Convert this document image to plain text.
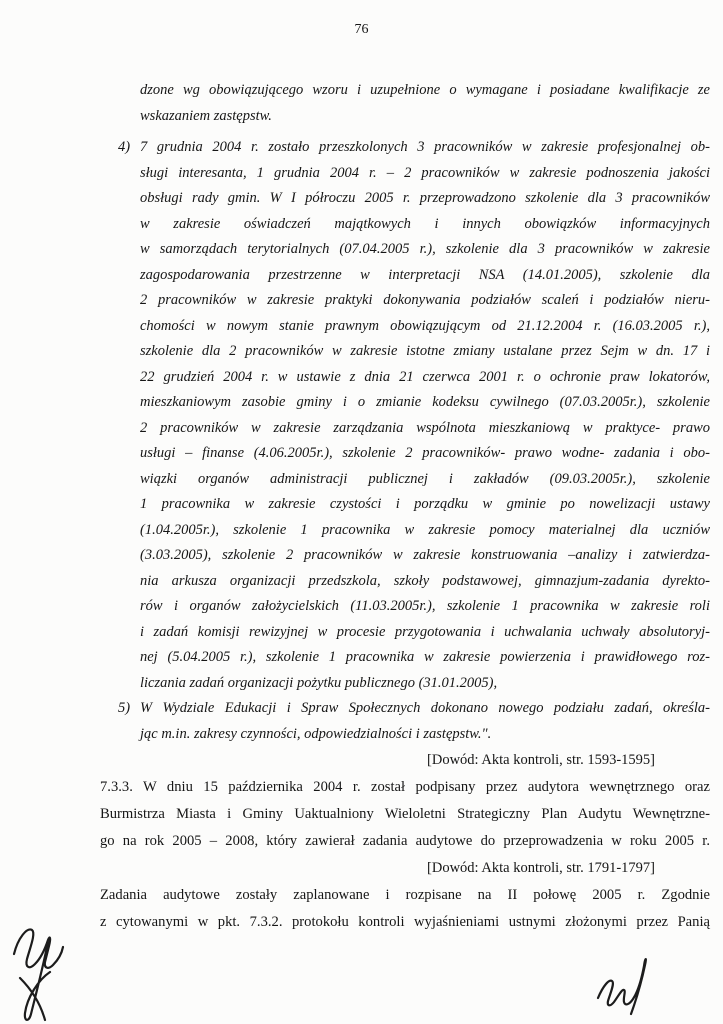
76
dzone wg obowiązującego wzoru i uzupełnione o wymagane i posiadane kwalifikacje ze
wskazaniem zastępstw.
4) 7 grudnia 2004 r. zostało przeszkolonych 3 pracowników w zakresie profesjonalnej ob-
sługi interesanta, 1 grudnia 2004 r. – 2 pracowników w zakresie podnoszenia jakości
obsługi rady gmin. W I półroczu 2005 r. przeprowadzono szkolenie dla 3 pracowników
w zakresie oświadczeń majątkowych i innych obowiązków informacyjnych
w samorządach terytorialnych (07.04.2005 r.), szkolenie dla 3 pracowników w zakresie
zagospodarowania przestrzenne w interpretacji NSA (14.01.2005), szkolenie dla
2 pracowników w zakresie praktyki dokonywania podziałów scaleń i podziałów nieru-
chomości w nowym stanie prawnym obowiązującym od 21.12.2004 r. (16.03.2005 r.),
szkolenie dla 2 pracowników w zakresie istotne zmiany ustalane przez Sejm w dn. 17 i
22 grudzień 2004 r. w ustawie z dnia 21 czerwca 2001 r. o ochronie praw lokatorów,
mieszkaniowym zasobie gminy i o zmianie kodeksu cywilnego (07.03.2005r.), szkolenie
2 pracowników w zakresie zarządzania wspólnota mieszkaniową w praktyce- prawo
usługi – finanse (4.06.2005r.), szkolenie 2 pracowników- prawo wodne- zadania i obo-
wiązki organów administracji publicznej i zakładów (09.03.2005r.), szkolenie
1 pracownika w zakresie czystości i porządku w gminie po nowelizacji ustawy
(1.04.2005r.), szkolenie 1 pracownika w zakresie pomocy materialnej dla uczniów
(3.03.2005), szkolenie 2 pracowników w zakresie konstruowania –analizy i zatwierdza-
nia arkusza organizacji przedszkola, szkoły podstawowej, gimnazjum-zadania dyrekto-
rów i organów założycielskich (11.03.2005r.), szkolenie 1 pracownika w zakresie roli
i zadań komisji rewizyjnej w procesie przygotowania i uchwalania uchwały absolutoryj-
nej (5.04.2005 r.), szkolenie 1 pracownika w zakresie powierzenia i prawidłowego roz-
liczania zadań organizacji pożytku publicznego (31.01.2005),
5) W Wydziale Edukacji i Spraw Społecznych dokonano nowego podziału zadań, określa-
jąc m.in. zakresy czynności, odpowiedzialności i zastępstw.".
[Dowód: Akta kontroli, str. 1593-1595]
7.3.3. W dniu 15 października 2004 r. został podpisany przez audytora wewnętrznego oraz
Burmistrza Miasta i Gminy Uaktualniony Wieloletni Strategiczny Plan Audytu Wewnętrzne-
go na rok 2005 – 2008, który zawierał zadania audytowe do przeprowadzenia w roku 2005 r.
[Dowód: Akta kontroli, str. 1791-1797]
Zadania audytowe zostały zaplanowane i rozpisane na II połowę 2005 r. Zgodnie
z cytowanymi w pkt. 7.3.2. protokołu kontroli wyjaśnieniami ustnymi złożonymi przez Panią
